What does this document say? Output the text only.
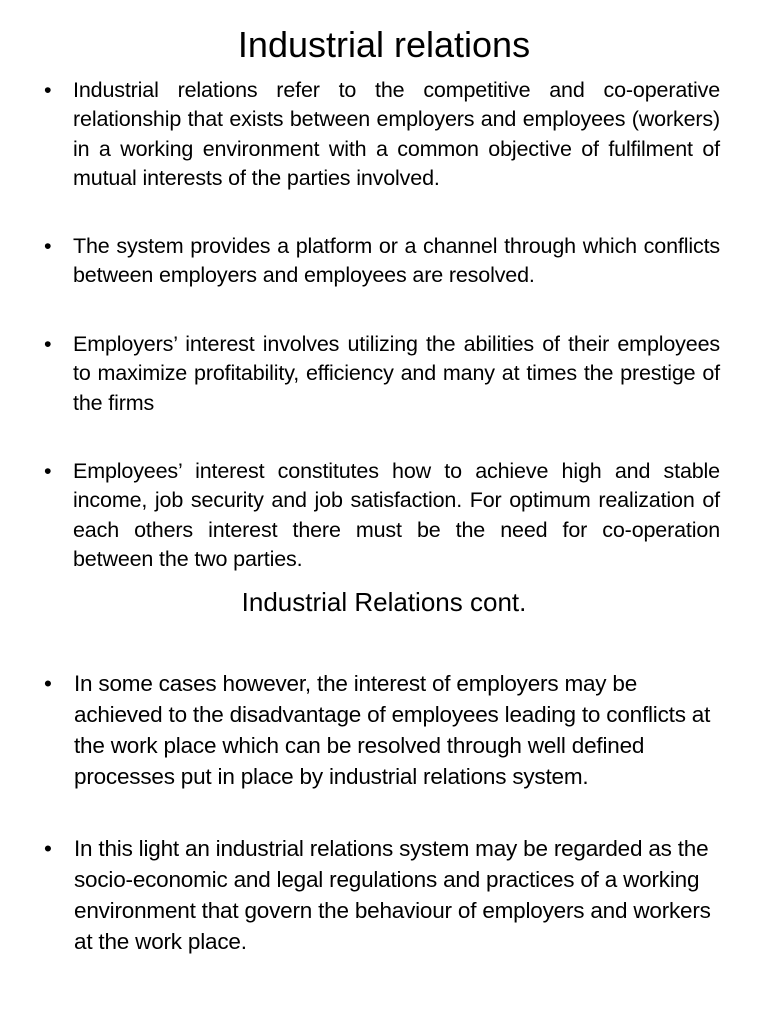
Industrial relations
• Industrial relations refer to the competitive and co-operative relationship that exists between employers and employees (workers) in a working environment with a common objective of fulfilment of mutual interests of the parties involved.
• The system provides a platform or a channel through which conflicts between employers and employees are resolved.
• Employers’ interest involves utilizing the abilities of their employees to maximize profitability, efficiency and many at times the prestige of the firms
• Employees’ interest constitutes how to achieve high and stable income, job security and job satisfaction. For optimum realization of each others interest there must be the need for co-operation between the two parties.
Industrial Relations cont.
• In some cases however, the interest of employers may be achieved to the disadvantage of employees leading to conflicts at the work place which can be resolved through well defined processes put in place by industrial relations system.
• In this light an industrial relations system may be regarded as the socio-economic and legal regulations and practices of a working environment that govern the behaviour of employers and workers at the work place.
